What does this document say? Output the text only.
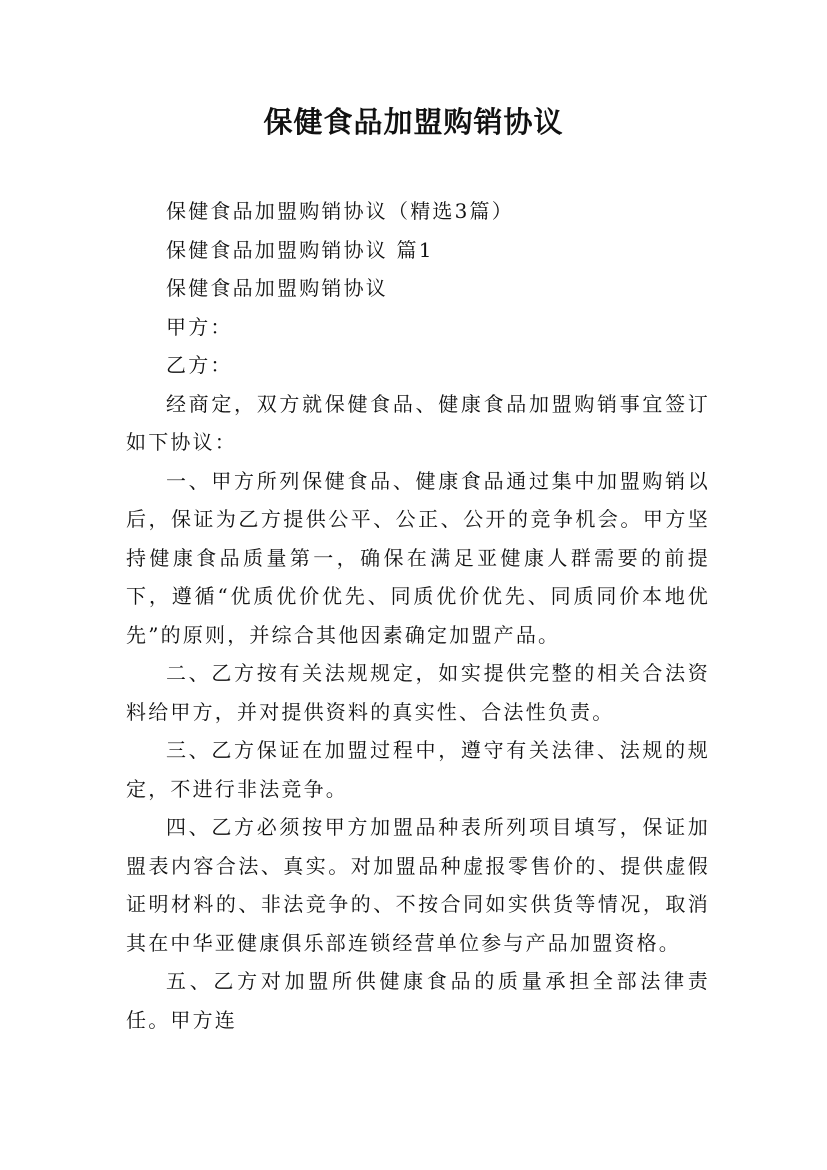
保健食品加盟购销协议

保健食品加盟购销协议（精选3篇）

保健食品加盟购销协议 篇1

保健食品加盟购销协议

甲方：

乙方：

经商定，双方就保健食品、健康食品加盟购销事宜签订如下协议：

一、甲方所列保健食品、健康食品通过集中加盟购销以后，保证为乙方提供公平、公正、公开的竞争机会。甲方坚持健康食品质量第一，确保在满足亚健康人群需要的前提下，遵循“优质优价优先、同质优价优先、同质同价本地优先”的原则，并综合其他因素确定加盟产品。

二、乙方按有关法规规定，如实提供完整的相关合法资料给甲方，并对提供资料的真实性、合法性负责。

三、乙方保证在加盟过程中，遵守有关法律、法规的规定，不进行非法竞争。

四、乙方必须按甲方加盟品种表所列项目填写，保证加盟表内容合法、真实。对加盟品种虚报零售价的、提供虚假证明材料的、非法竞争的、不按合同如实供货等情况，取消其在中华亚健康俱乐部连锁经营单位参与产品加盟资格。

五、乙方对加盟所供健康食品的质量承担全部法律责任。甲方连
